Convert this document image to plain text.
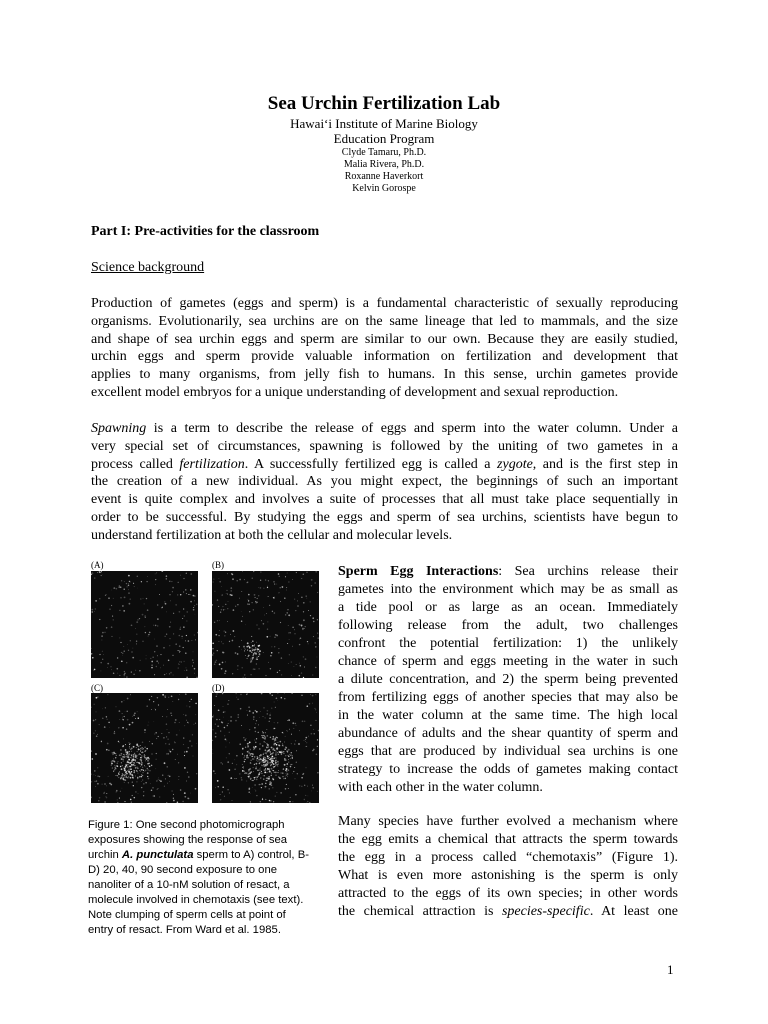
Sea Urchin Fertilization Lab
Hawai‘i Institute of Marine Biology
Education Program
Clyde Tamaru, Ph.D.
Malia Rivera, Ph.D.
Roxanne Haverkort
Kelvin Gorospe
Part I: Pre-activities for the classroom
Science background
Production of gametes (eggs and sperm) is a fundamental characteristic of sexually reproducing
organisms. Evolutionarily, sea urchins are on the same lineage that led to mammals, and the size
and shape of sea urchin eggs and sperm are similar to our own. Because they are easily studied,
urchin eggs and sperm provide valuable information on fertilization and development that
applies to many organisms, from jelly fish to humans. In this sense, urchin gametes provide
excellent model embryos for a unique understanding of development and sexual reproduction.
Spawning is a term to describe the release of eggs and sperm into the water column. Under a
very special set of circumstances, spawning is followed by the uniting of two gametes in a
process called fertilization. A successfully fertilized egg is called a zygote, and is the first step in
the creation of a new individual. As you might expect, the beginnings of such an important
event is quite complex and involves a suite of processes that all must take place sequentially in
order to be successful. By studying the eggs and sperm of sea urchins, scientists have begun to
understand fertilization at both the cellular and molecular levels.
(A)	(B)
(C)	(D)
Figure 1: One second photomicrograph
exposures showing the response of sea
urchin A. punctulata sperm to A) control, B-
D) 20, 40, 90 second exposure to one
nanoliter of a 10-nM solution of resact, a
molecule involved in chemotaxis (see text).
Note clumping of sperm cells at point of
entry of resact. From Ward et al. 1985.
Sperm Egg Interactions: Sea urchins release their
gametes into the environment which may be as small as
a tide pool or as large as an ocean. Immediately
following release from the adult, two challenges
confront the potential fertilization: 1) the unlikely
chance of sperm and eggs meeting in the water in such
a dilute concentration, and 2) the sperm being prevented
from fertilizing eggs of another species that may also be
in the water column at the same time. The high local
abundance of adults and the shear quantity of sperm and
eggs that are produced by individual sea urchins is one
strategy to increase the odds of gametes making contact
with each other in the water column.
Many species have further evolved a mechanism where
the egg emits a chemical that attracts the sperm towards
the egg in a process called “chemotaxis” (Figure 1).
What is even more astonishing is the sperm is only
attracted to the eggs of its own species; in other words
the chemical attraction is species-specific. At least one
1
